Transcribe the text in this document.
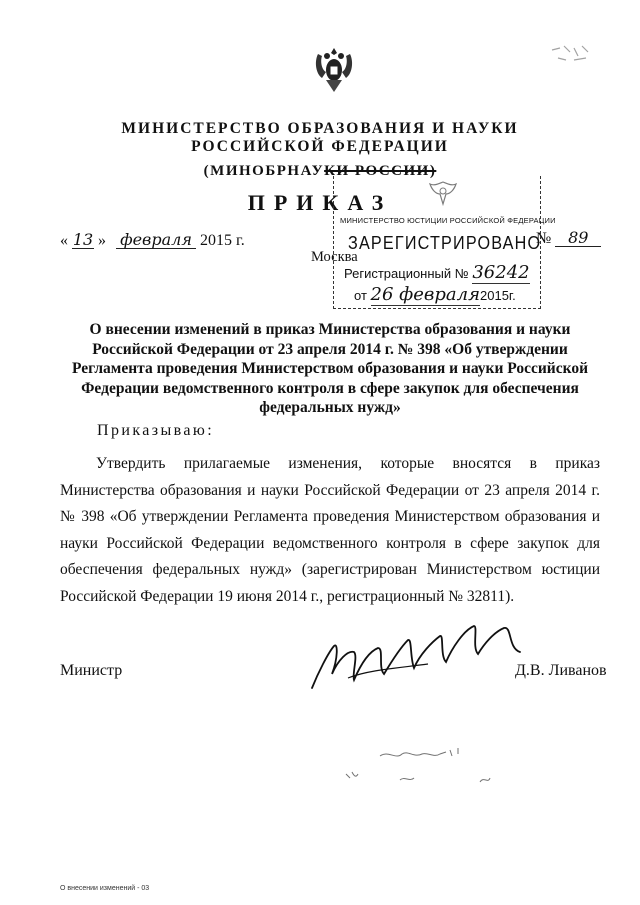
МИНИСТЕРСТВО ОБРАЗОВАНИЯ И НАУКИ
РОССИЙСКОЙ ФЕДЕРАЦИИ
(МИНОБРНАУКИ РОССИИ)
ПРИКАЗ
« 13 » февраля 2015 г.
Москва
№ 89
МИНИСТЕРСТВО ЮСТИЦИИ РОССИЙСКОЙ ФЕДЕРАЦИИ
ЗАРЕГИСТРИРОВАНО
Регистрационный № 36242
от 26 февраля2015г.
О внесении изменений в приказ Министерства образования и науки Российской Федерации от 23 апреля 2014 г. № 398 «Об утверждении Регламента проведения Министерством образования и науки Российской Федерации ведомственного контроля в сфере закупок для обеспечения федеральных нужд»
Приказываю:
Утвердить прилагаемые изменения, которые вносятся в приказ Министерства образования и науки Российской Федерации от 23 апреля 2014 г. № 398 «Об утверждении Регламента проведения Министерством образования и науки Российской Федерации ведомственного контроля в сфере закупок для обеспечения федеральных нужд» (зарегистрирован Министерством юстиции Российской Федерации 19 июня 2014 г., регистрационный № 32811).
Министр	Д.В. Ливанов
О внесении изменений - 03
